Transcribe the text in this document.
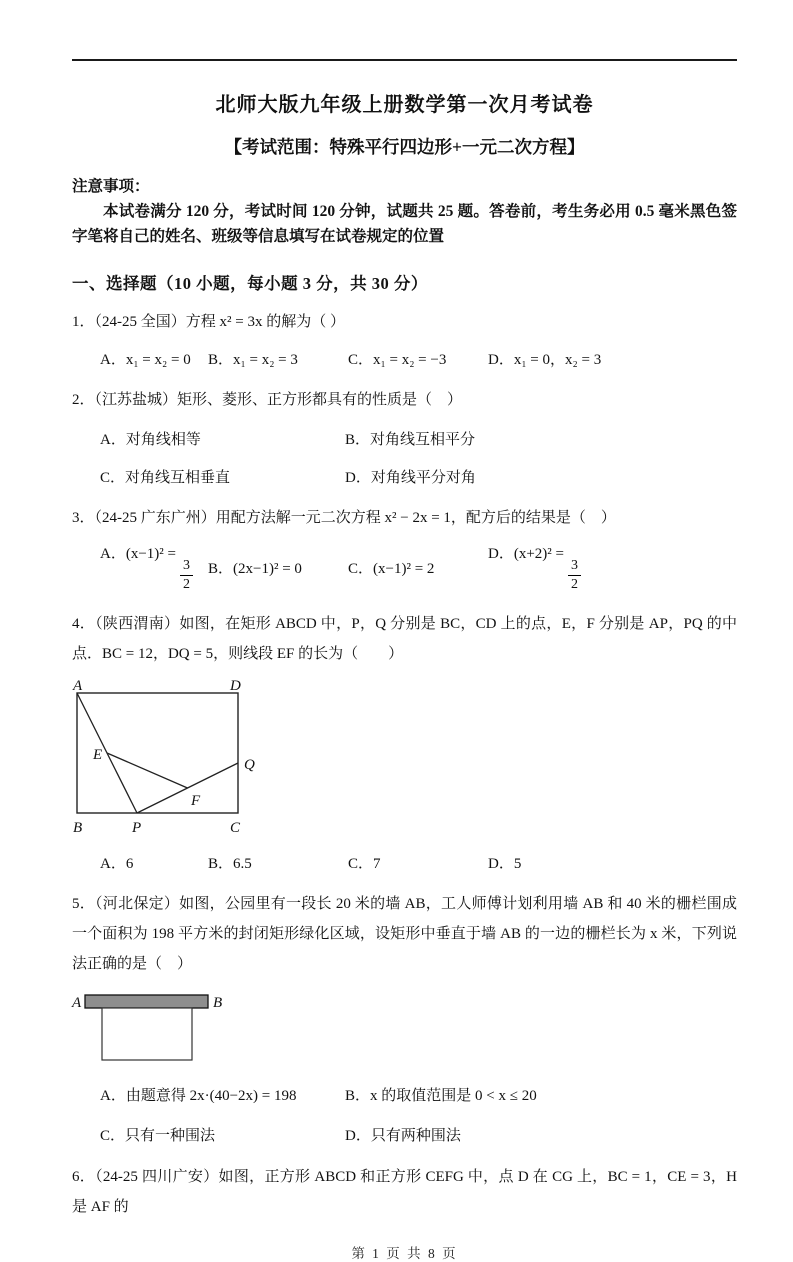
北师大版九年级上册数学第一次月考试卷
【考试范围：特殊平行四边形+一元二次方程】
注意事项：

本试卷满分 120 分，考试时间 120 分钟，试题共 25 题。答卷前，考生务必用 0.5 毫米黑色签字笔将自己的姓名、班级等信息填写在试卷规定的位置

一、选择题（10 小题，每小题 3 分，共 30 分）

1．（24-25 全国）方程 x² = 3x 的解为（ ）

A．x₁ = x₂ = 0	B．x₁ = x₂ = 3	C．x₁ = x₂ = −3	D．x₁ = 0，x₂ = 3

2．（江苏盐城）矩形、菱形、正方形都具有的性质是（　）

A．对角线相等	B．对角线互相平分
C．对角线互相垂直	D．对角线平分对角

3．（24-25 广东广州）用配方法解一元二次方程 x² − 2x = 1，配方后的结果是（　）

A．(x−1)² =
$\frac{3}{2}$ B．(2x−1)² = 0	C．(x−1)² = 2
D．(x+2)² =
$\frac{3}{2}$

4．（陕西渭南）如图，在矩形 ABCD 中，P，Q 分别是 BC，CD 上的点，E，F 分别是 AP，PQ 的中点．BC = 12，DQ = 5，则线段 EF 的长为（　　）

A	D
B	P	C
Q
E
F
A．6	B．6.5	C．7	D．5

5．（河北保定）如图，公园里有一段长 20 米的墙 AB，工人师傅计划利用墙 AB 和 40 米的栅栏围成一个面积为 198 平方米的封闭矩形绿化区域，设矩形中垂直于墙 AB 的一边的栅栏长为 x 米，下列说法正确的是（　）

A	B
A．由题意得 2x·(40−2x) = 198	B．x 的取值范围是 0 < x ≤ 20
C．只有一种围法	D．只有两种围法

6．（24-25 四川广安）如图，正方形 ABCD 和正方形 CEFG 中，点 D 在 CG 上，BC = 1，CE = 3，H 是 AF 的

第 1 页 共 8 页
